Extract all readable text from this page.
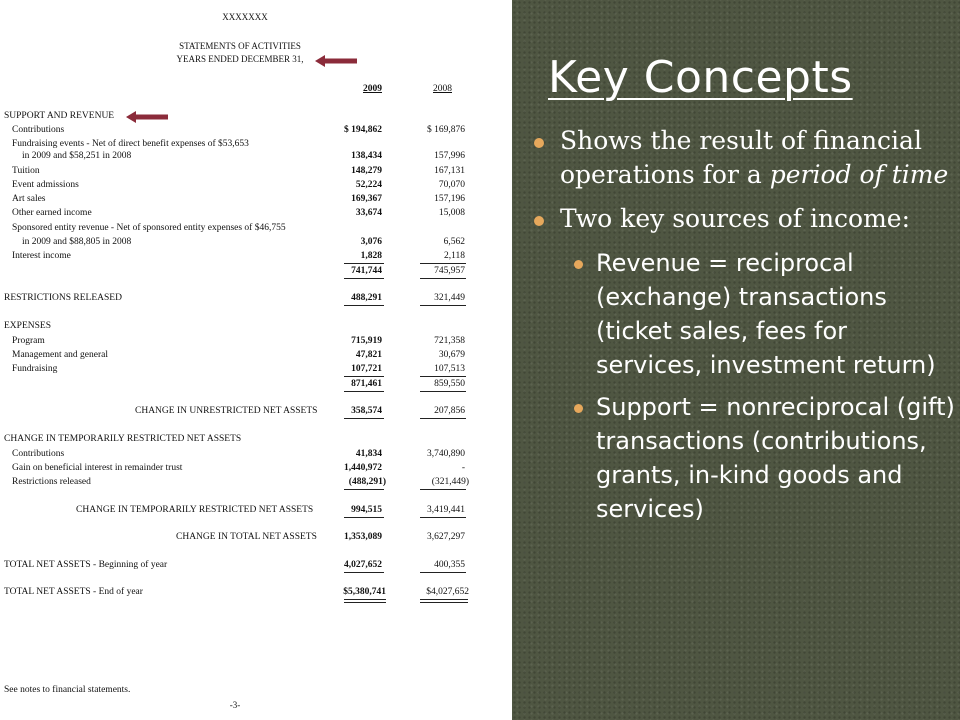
XXXXXXX
STATEMENTS OF ACTIVITIES
YEARS ENDED DECEMBER 31,
2009	2008
SUPPORT AND REVENUE
Contributions	$ 194,862	$ 169,876
Fundraising events - Net of direct benefit expenses of $53,653
in 2009 and $58,251 in 2008	138,434	157,996
Tuition	148,279	167,131
Event admissions	52,224	70,070
Art sales	169,367	157,196
Other earned income	33,674	15,008
Sponsored entity revenue - Net of sponsored entity expenses of $46,755
in 2009 and $88,805 in 2008	3,076	6,562
Interest income	1,828	2,118
741,744	745,957
RESTRICTIONS RELEASED	488,291	321,449
EXPENSES
Program	715,919	721,358
Management and general	47,821	30,679
Fundraising	107,721	107,513
871,461	859,550
CHANGE IN UNRESTRICTED NET ASSETS	358,574	207,856
CHANGE IN TEMPORARILY RESTRICTED NET ASSETS
Contributions	41,834	3,740,890
Gain on beneficial interest in remainder trust	1,440,972	-
Restrictions released	(488,291)	(321,449)
CHANGE IN TEMPORARILY RESTRICTED NET ASSETS	994,515	3,419,441
CHANGE IN TOTAL NET ASSETS	1,353,089	3,627,297
TOTAL NET ASSETS - Beginning of year	4,027,652	400,355
TOTAL NET ASSETS - End of year	$5,380,741	$4,027,652
See notes to financial statements.
-3-
Key Concepts
Shows the result of financial operations for a period of time
Two key sources of income:
Revenue = reciprocal (exchange) transactions (ticket sales, fees for services, investment return)
Support = nonreciprocal (gift) transactions (contributions, grants, in-kind goods and services)
